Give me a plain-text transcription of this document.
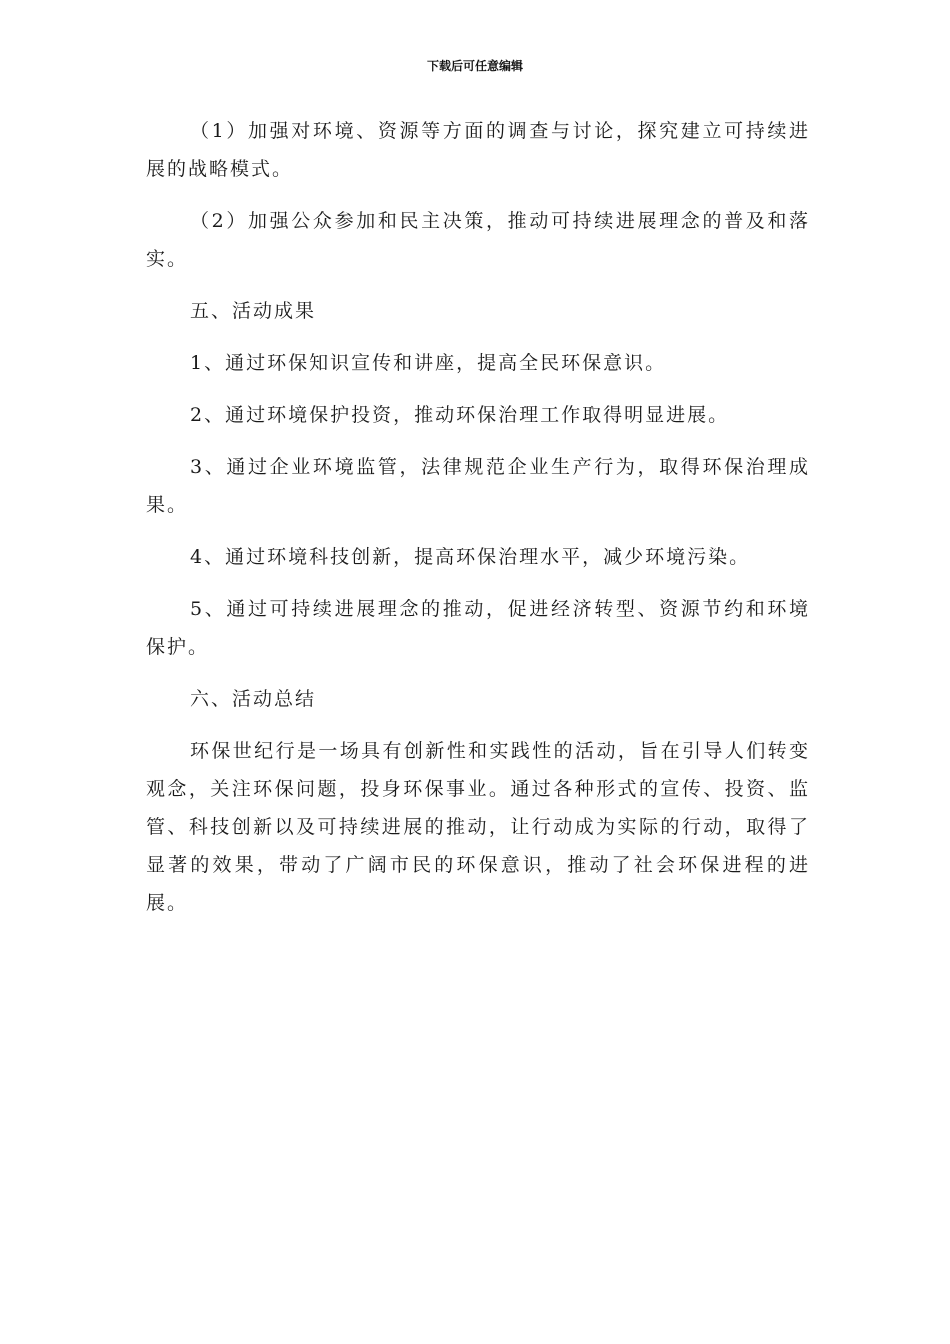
下载后可任意编辑

（1）加强对环境、资源等方面的调查与讨论，探究建立可持续进展的战略模式。

（2）加强公众参加和民主决策，推动可持续进展理念的普及和落实。

五、活动成果

1、通过环保知识宣传和讲座，提高全民环保意识。

2、通过环境保护投资，推动环保治理工作取得明显进展。

3、通过企业环境监管，法律规范企业生产行为，取得环保治理成果。

4、通过环境科技创新，提高环保治理水平，减少环境污染。

5、通过可持续进展理念的推动，促进经济转型、资源节约和环境保护。

六、活动总结

环保世纪行是一场具有创新性和实践性的活动，旨在引导人们转变观念，关注环保问题，投身环保事业。通过各种形式的宣传、投资、监管、科技创新以及可持续进展的推动，让行动成为实际的行动，取得了显著的效果，带动了广阔市民的环保意识，推动了社会环保进程的进展。
